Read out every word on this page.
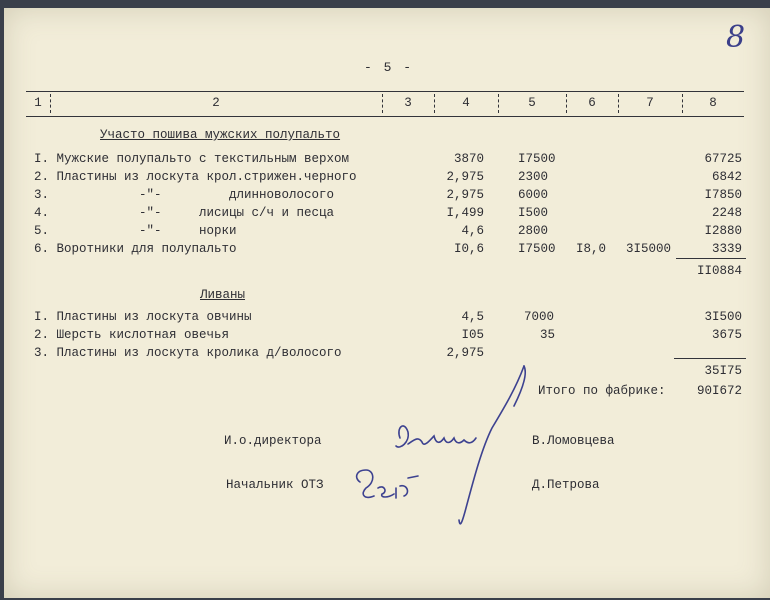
8
- 5 -
1	2	3	4	5	6	7	8
Участо пошива мужских полупальто
I. Мужские полупальто с текстильным верхом	3870	I7500	67725
2. Пластины из лоскута крол.стрижен.черного	2,975	2300	6842
3.            -"-         длинноволосого	2,975	6000	I7850
4.            -"-     лисицы с/ч и песца	I,499	I500	2248
5.            -"-     норки	4,6	2800	I2880
6. Воротники для полупальто	I0,6	I7500 I8,0 3I5000	3339
II0884
Ливаны
I. Пластины из лоскута овчины	4,5	7000	3I500
2. Шерсть кислотная овечья	I05	35	3675
3. Пластины из лоскута кролика д/волосого	2,975
35I75
Итого по фабрике:	90I672
И.о.директора	В.Ломовцева
Начальник ОТЗ	Д.Петрова
